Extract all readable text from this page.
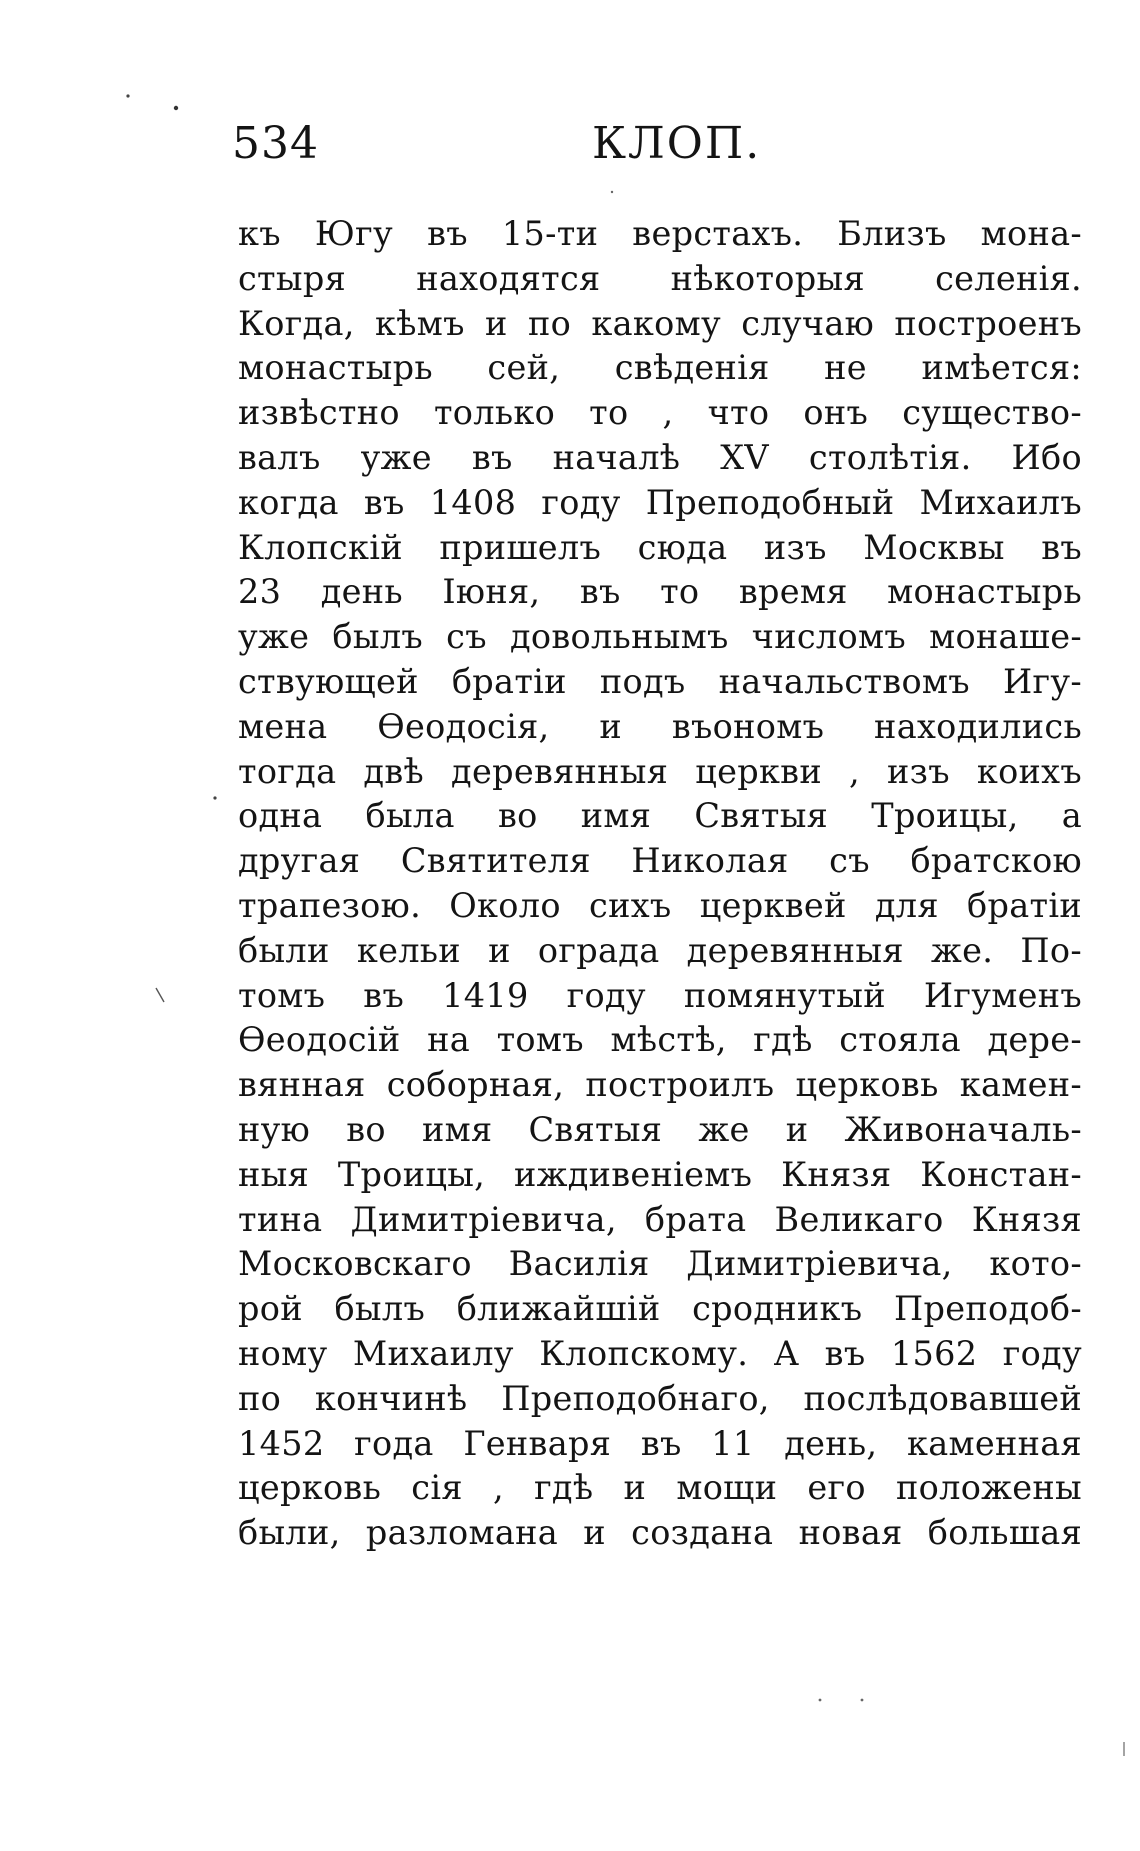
534	КЛОП.
къ Югу въ 15-ти верстахъ. Близъ мона-
стыря находятся нѣкоторыя селенія.
Когда, кѣмъ и по какому случаю построенъ
монастырь сей, свѣденія не имѣется:
извѣстно только то , что онъ существо-
валъ уже въ началѣ XV столѣтія. Ибо
когда въ 1408 году Преподобный Михаилъ
Клопскій пришелъ сюда изъ Москвы въ
23 день Іюня, въ то время монастырь
уже былъ съ довольнымъ числомъ монаше-
ствующей братіи подъ начальствомъ Игу-
мена Ѳеодосія, и въономъ находились
тогда двѣ деревянныя церкви , изъ коихъ
одна была во имя Святыя Троицы, а
другая Святителя Николая съ братскою
трапезою. Около сихъ церквей для братіи
были кельи и ограда деревянныя же. По-
томъ въ 1419 году помянутый Игуменъ
Ѳеодосій на томъ мѣстѣ, гдѣ стояла дере-
вянная соборная, построилъ церковь камен-
ную во имя Святыя же и Живоначаль-
ныя Троицы, иждивеніемъ Князя Констан-
тина Димитріевича, брата Великаго Князя
Московскаго Василія Димитріевича, кото-
рой былъ ближайшій сродникъ Преподоб-
ному Михаилу Клопскому. А въ 1562 году
по кончинѣ Преподобнаго, послѣдовавшей
1452 года Генваря въ 11 день, каменная
церковь сія , гдѣ и мощи его положены
были, разломана и создана новая большая
